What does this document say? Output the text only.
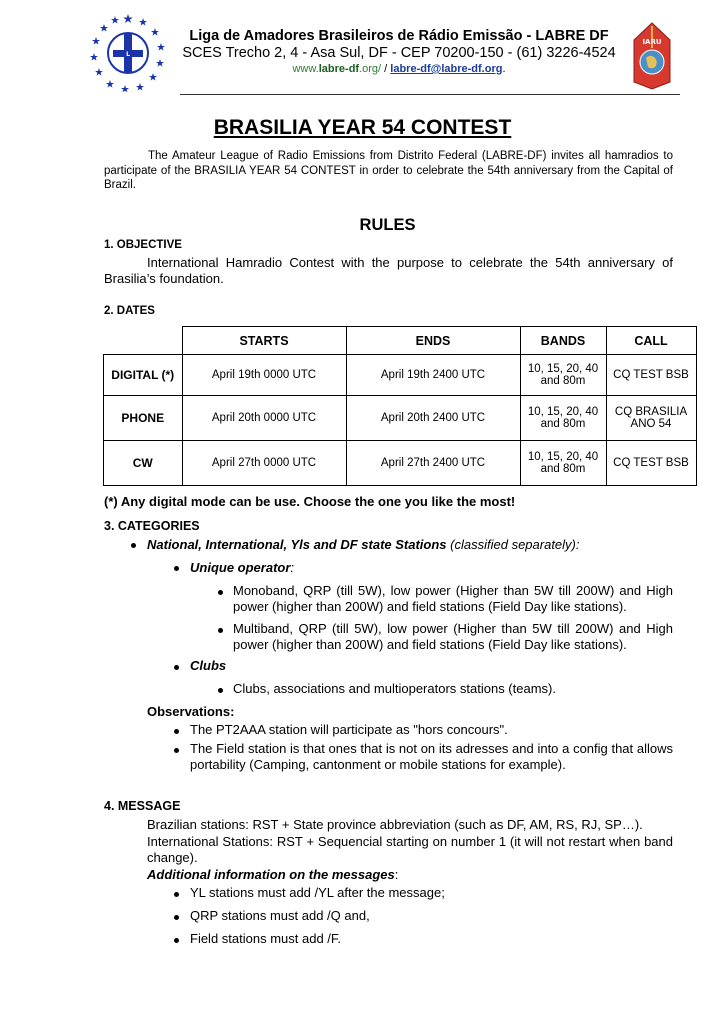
L
Liga de Amadores Brasileiros de Rádio Emissão - LABRE DF
SCES Trecho 2, 4 - Asa Sul, DF - CEP 70200-150 - (61) 3226-4524
www.labre-df.org/ / labre-df@labre-df.org.
IARU
BRASILIA YEAR 54 CONTEST
The Amateur League of Radio Emissions from Distrito Federal (LABRE-DF) invites all hamradios to participate of the BRASILIA YEAR 54 CONTEST in order to celebrate the 54th anniversary from the Capital of Brazil.
RULES
1. OBJECTIVE
International Hamradio Contest with the purpose to celebrate the 54th anniversary of Brasilia’s foundation.
2. DATES
	STARTS	ENDS	BANDS	CALL
DIGITAL (*)	April 19th 0000 UTC	April 19th 2400 UTC	10, 15, 20, 40 and 80m	CQ TEST BSB
PHONE	April 20th 0000 UTC	April 20th 2400 UTC	10, 15, 20, 40 and 80m	CQ BRASILIA ANO 54
CW	April 27th 0000 UTC	April 27th 2400 UTC	10, 15, 20, 40 and 80m	CQ TEST BSB
(*) Any digital mode can be use. Choose the one you like the most!
3. CATEGORIES
National, International, Yls and DF state Stations (classified separately):
Unique operator:
Monoband, QRP (till 5W), low power (Higher than 5W till 200W) and High power (higher than 200W) and field stations (Field Day like stations).
Multiband, QRP (till 5W), low power (Higher than 5W till 200W) and High power (higher than 200W) and field stations (Field Day like stations).
Clubs
Clubs, associations and multioperators stations (teams).
Observations:
The PT2AAA station will participate as "hors concours".
The Field station is that ones that is not on its adresses and into a config that allows portability (Camping, cantonment or mobile stations for example).
4. MESSAGE
Brazilian stations: RST + State province abbreviation (such as DF, AM, RS, RJ, SP…).
International Stations: RST + Sequencial starting on number 1 (it will not restart when band change).
Additional information on the messages:
YL stations must add /YL after the message;
QRP stations must add /Q and,
Field stations must add /F.
